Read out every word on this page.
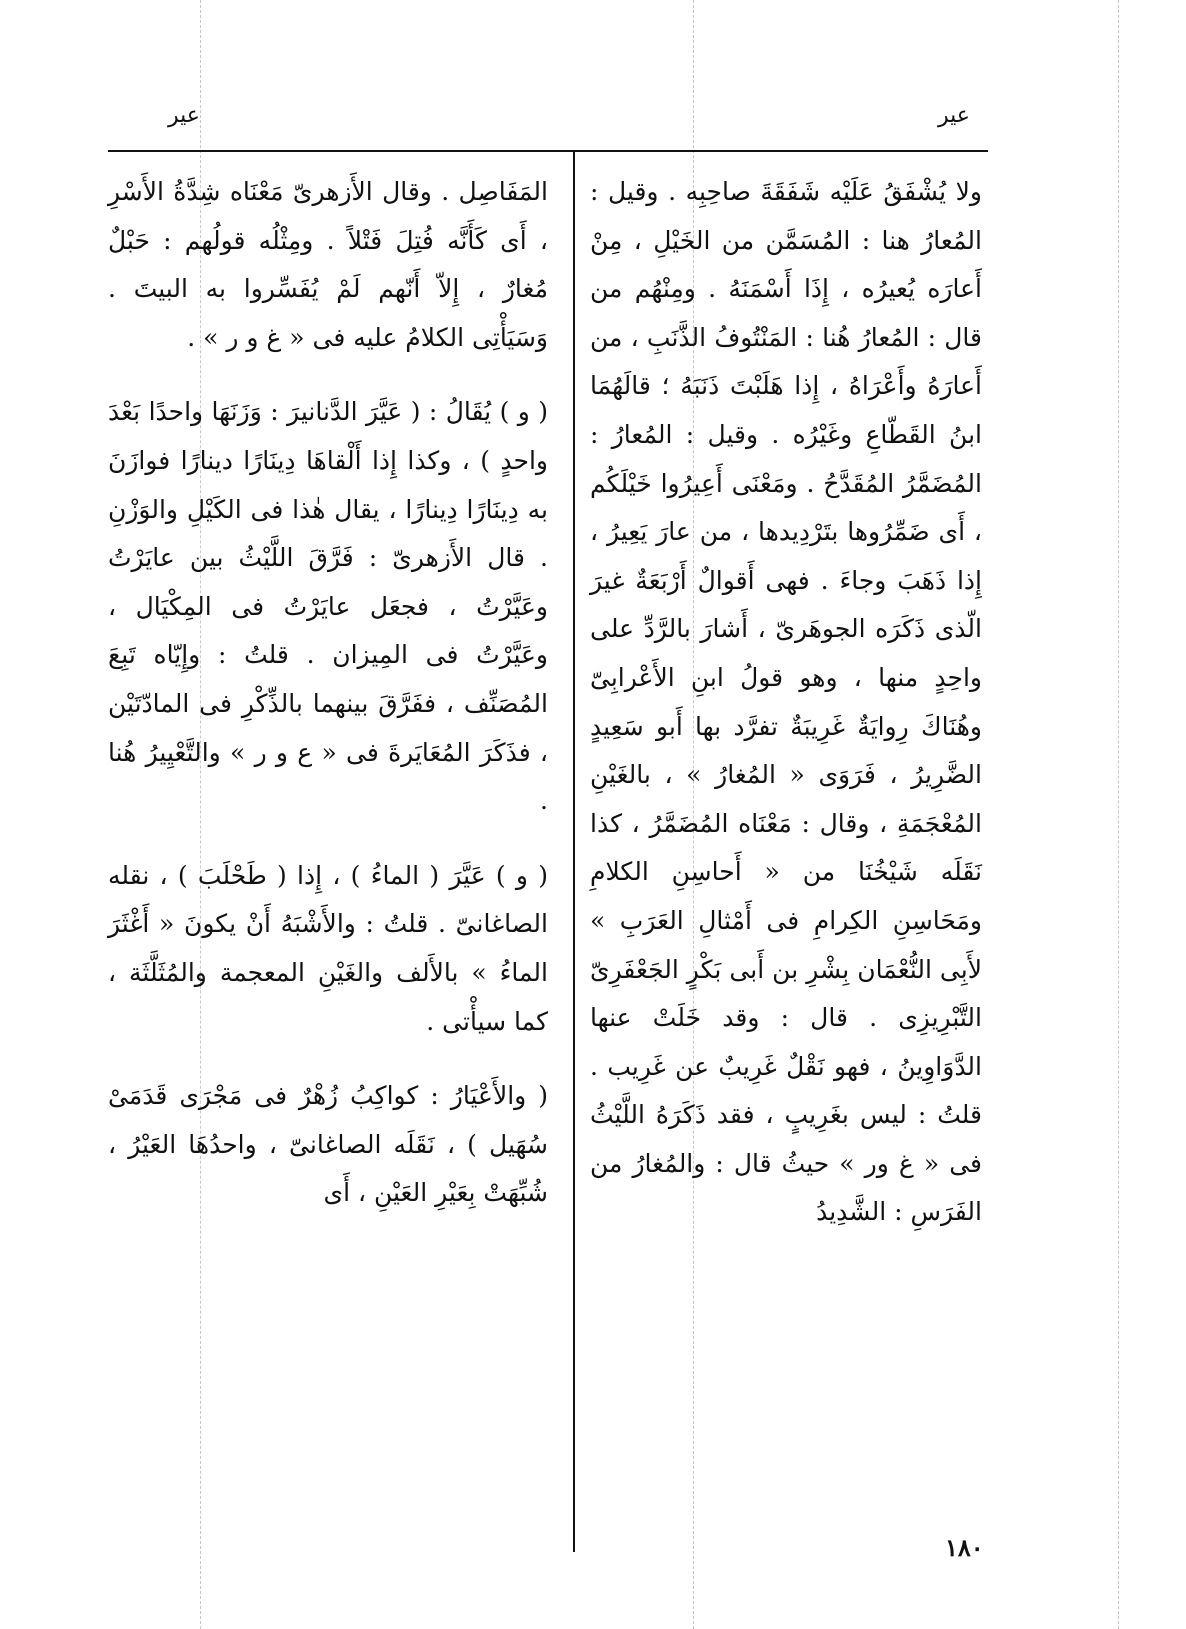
عير	عير

ولا يُشْفَقُ عَلَيْه شَفَقَةَ صاحِبِه . وقيل : المُعارُ هنا : المُسَمَّن من الخَيْلِ ، مِنْ أَعارَه يُعيرُه ، إِذَا أَسْمَنَهُ . ومِنْهُم من قال : المُعارُ هُنا : المَنْتُوفُ الذَّنَبِ ، من أَعارَهُ وأَعْرَاهُ ، إِذا هَلَبْتَ ذَنَبَهُ ؛ قالَهُمَا ابنُ القَطّاعِ وغَيْرُه . وقيل : المُعارُ : المُضَمَّرُ المُقَدَّحُ . ومَعْنَى أَعِيرُوا خَيْلَكُم ، أَى ضَمِّرُوها بتَرْدِيدها ، من عارَ يَعِيرُ ، إِذا ذَهَبَ وجاءَ . فهى أَقوالٌ أَرْبَعَةٌ غيرَ الّذى ذَكَرَه الجوهَرىّ ، أَشارَ بالرَّدِّ على واحِدٍ منها ، وهو قولُ ابنِ الأَعْرابِىّ وهُنَاكَ رِوايَةٌ غَرِيبَةٌ تفرَّد بها أَبو سَعِيدٍ الضَّرِيرُ ، فَرَوَى « المُغارُ » ، بالغَيْنِ المُعْجَمَةِ ، وقال : مَعْنَاه المُضَمَّرُ ، كذا نَقَلَه شَيْخُنَا من « أَحاسِنِ الكلامِ ومَحَاسِنِ الكِرامِ فى أَمْثالِ العَرَبِ » لأَبِى النُّعْمَان بِشْرِ بن أَبى بَكْرٍ الجَعْفَرِىّ التَّبْرِيزِى . قال : وقد خَلَتْ عنها الدَّوَاوِينُ ، فهو نَقْلٌ غَرِيبٌ عن غَرِيب . قلتُ : ليس بغَرِيبٍ ، فقد ذَكَرَهُ اللَّيْثُ فى « غ ور » حيثُ قال : والمُغارُ من الفَرَسِ : الشَّدِيدُ

المَفَاصِل . وقال الأَزهرىّ مَعْنَاه شِدَّةُ الأَسْرِ ، أَى كَأَنَّه فُتِلَ فَتْلاً . ومِثْلُه قولُهم : حَبْلٌ مُغارٌ ، إِلاّ أَنّهم لَمْ يُفَسِّروا به البيتَ . وَسَيَأْتِى الكلامُ عليه فى « غ و ر » .

( و ) يُقَالُ : ( عَيَّرَ الدَّنانيرَ : وَزَنَهَا واحدًا بَعْدَ واحدٍ ) ، وكذا إِذا أَلْقاهَا دِينَارًا دينارًا فوازَنَ به دِينَارًا دِينارًا ، يقال هٰذا فى الكَيْلِ والوَزْنِ . قال الأَزهرىّ : فَرَّقَ اللَّيْثُ بين عايَرْتُ وعَيَّرْتُ ، فجعَل عايَرْتُ فى المِكْيَال ، وعَيَّرْتُ فى المِيزان . قلتُ : وإِيّاه تَبِعَ المُصَنِّف ، ففَرَّقَ بينهما بالذِّكْرِ فى المادّتَيْن ، فذَكَرَ المُعَايَرةَ فى « ع و ر » والتَّعْيِيرُ هُنا .

( و ) عَيَّرَ ( الماءُ ) ، إِذا ( طَحْلَبَ ) ، نقله الصاغانىّ . قلتُ : والأَشْبَهُ أَنْ يكونَ « أَغْثَرَ الماءُ » بالأَلف والغَيْنِ المعجمة والمُثَلَّثَة ، كما سيأْتى .

( والأَعْيَارُ : كواكِبُ زُهْرٌ فى مَجْرَى قَدَمَىْ سُهَيل ) ، نَقَلَه الصاغانىّ ، واحدُهَا العَيْرُ ، شُبِّهَتْ بِعَيْرِ العَيْنِ ، أَى

١٨٠
